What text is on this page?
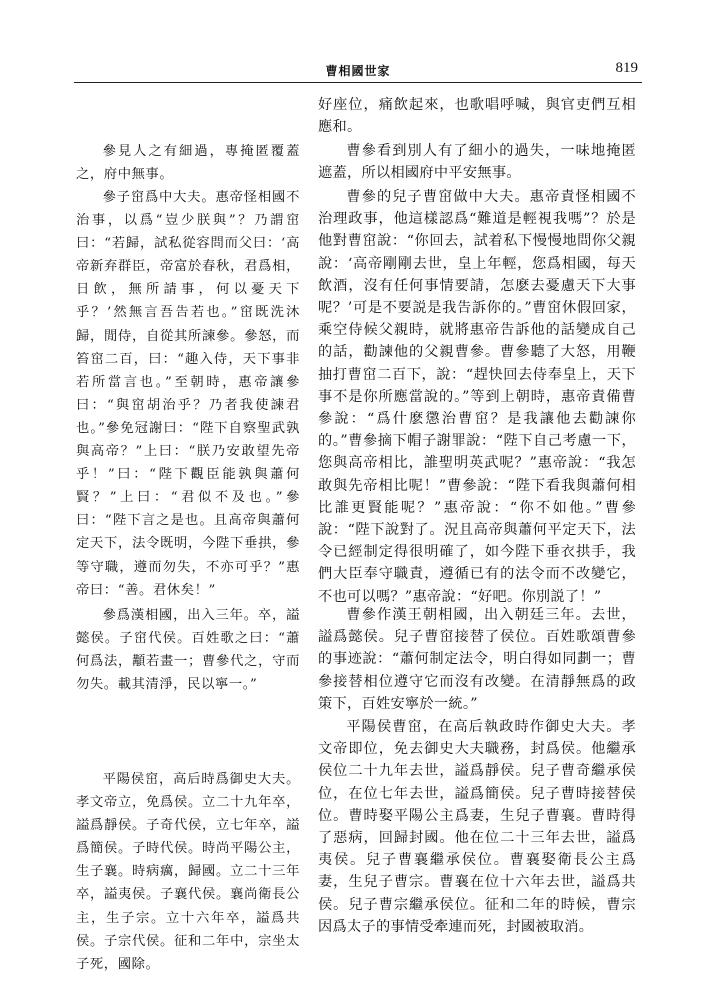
曹相國世家	819

參見人之有細過，專掩匿覆蓋之，府中無事。

參子窋爲中大夫。惠帝怪相國不治事，以爲“豈少朕與”？乃謂窋曰：“若歸，試私從容問而父曰：‘高帝新弃群臣，帝富於春秋，君爲相，日飲，無所請事，何以憂天下乎？’然無言吾告若也。”窋既洗沐歸，閒侍，自從其所諫參。參怒，而笞窋二百，曰：“趣入侍，天下事非若所當言也。”至朝時，惠帝讓參曰：“與窋胡治乎？乃者我使諫君也。”參免冠謝曰：“陛下自察聖武孰與高帝？”上曰：“朕乃安敢望先帝乎！”曰：“陛下觀臣能孰與蕭何賢？”上曰：“君似不及也。”參曰：“陛下言之是也。且高帝與蕭何定天下，法令既明，今陛下垂拱，參等守職，遵而勿失，不亦可乎？”惠帝曰：“善。君休矣！”

參爲漢相國，出入三年。卒，謚懿侯。子窋代侯。百姓歌之曰：“蕭何爲法，顜若畫一；曹參代之，守而勿失。載其清淨，民以寧一。”

平陽侯窋，高后時爲御史大夫。孝文帝立，免爲侯。立二十九年卒，謚爲靜侯。子奇代侯，立七年卒，謚爲簡侯。子時代侯。時尚平陽公主，生子襄。時病癘，歸國。立二十三年卒，謚夷侯。子襄代侯。襄尚衛長公主，生子宗。立十六年卒，謚爲共侯。子宗代侯。征和二年中，宗坐太子死，國除。

好座位，痛飲起來，也歌唱呼喊，與官吏們互相應和。

曹參看到別人有了細小的過失，一味地掩匿遮蓋，所以相國府中平安無事。

曹參的兒子曹窋做中大夫。惠帝責怪相國不治理政事，他這樣認爲“難道是輕視我嗎”？於是他對曹窋說：“你回去，試着私下慢慢地問你父親說：‘高帝剛剛去世，皇上年輕，您爲相國，每天飲酒，沒有任何事情要請，怎麽去憂慮天下大事呢？’可是不要説是我告訴你的。”曹窋休假回家，乘空侍候父親時，就將惠帝告訴他的話變成自己的話，勸諫他的父親曹參。曹參聽了大怒，用鞭抽打曹窋二百下，說：“趕快回去侍奉皇上，天下事不是你所應當說的。”等到上朝時，惠帝責備曹參說：“爲什麽懲治曹窋？是我讓他去勸諫你的。”曹參摘下帽子謝罪說：“陛下自己考慮一下，您與高帝相比，誰聖明英武呢？”惠帝說：“我怎敢與先帝相比呢！”曹參說：“陛下看我與蕭何相比誰更賢能呢？”惠帝說：“你不如他。”曹參說：“陛下說對了。況且高帝與蕭何平定天下，法令已經制定得很明確了，如今陛下垂衣拱手，我們大臣奉守職責，遵循已有的法令而不改變它，不也可以嗎？”惠帝說：“好吧。你別説了！”

曹參作漢王朝相國，出入朝廷三年。去世，謚爲懿侯。兒子曹窋接替了侯位。百姓歌頌曹參的事迹說：“蕭何制定法令，明白得如同劃一；曹參接替相位遵守它而沒有改變。在清靜無爲的政策下，百姓安寧於一統。”

平陽侯曹窋，在高后執政時作御史大夫。孝文帝即位，免去御史大夫職務，封爲侯。他繼承侯位二十九年去世，謚爲靜侯。兒子曹奇繼承侯位，在位七年去世，謚爲簡侯。兒子曹時接替侯位。曹時娶平陽公主爲妻，生兒子曹襄。曹時得了惡病，回歸封國。他在位二十三年去世，謚爲夷侯。兒子曹襄繼承侯位。曹襄娶衛長公主爲妻，生兒子曹宗。曹襄在位十六年去世，謚爲共侯。兒子曹宗繼承侯位。征和二年的時候，曹宗因爲太子的事情受牽連而死，封國被取消。
